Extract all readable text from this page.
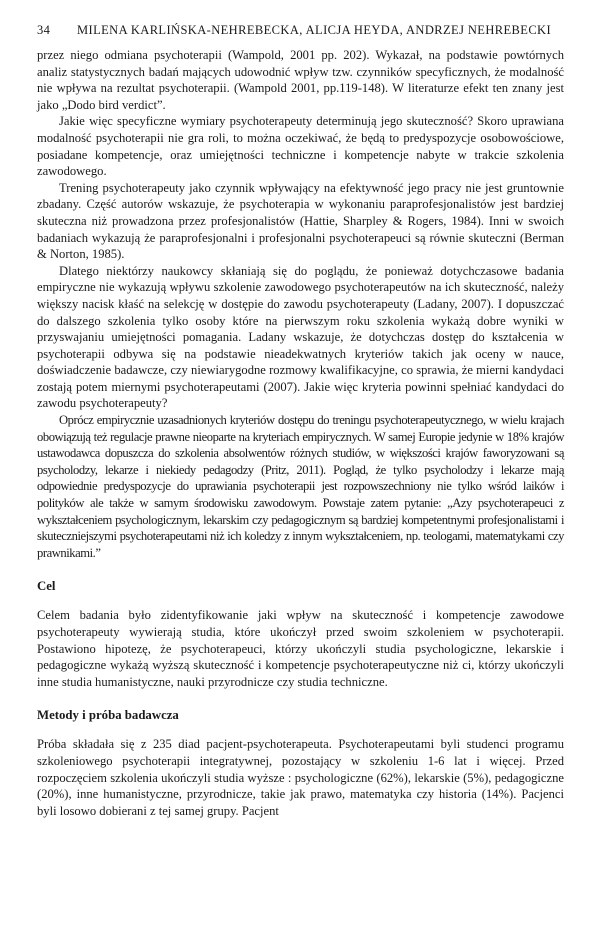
34	MILENA KARLIŃSKA-NEHREBECKA, ALICJA HEYDA, ANDRZEJ NEHREBECKI

przez niego odmiana psychoterapii (Wampold, 2001 pp. 202). Wykazał, na podstawie powtórnych analiz statystycznych badań mających udowodnić wpływ tzw. czynników specyficznych, że modalność nie wpływa na rezultat psychoterapii. (Wampold 2001, pp.119-148). W literaturze efekt ten znany jest jako „Dodo bird verdict”.

Jakie więc specyficzne wymiary psychoterapeuty determinują jego skuteczność? Skoro uprawiana modalność psychoterapii nie gra roli, to można oczekiwać, że będą to predyspozycje osobowościowe, posiadane kompetencje, oraz umiejętności techniczne i kompetencje nabyte w trakcie szkolenia zawodowego.

Trening psychoterapeuty jako czynnik wpływający na efektywność jego pracy nie jest gruntownie zbadany. Część autorów wskazuje, że psychoterapia w wykonaniu paraprofesjonalistów jest bardziej skuteczna niż prowadzona przez profesjonalistów (Hattie, Sharpley & Rogers, 1984). Inni w swoich badaniach wykazują że paraprofesjonalni i profesjonalni psychoterapeuci są równie skuteczni (Berman & Norton, 1985).

Dlatego niektórzy naukowcy skłaniają się do poglądu, że ponieważ dotychczasowe badania empiryczne nie wykazują wpływu szkolenie zawodowego psychoterapeutów na ich skuteczność, należy większy nacisk kłaść na selekcję w dostępie do zawodu psychoterapeuty (Ladany, 2007). I dopuszczać do dalszego szkolenia tylko osoby które na pierwszym roku szkolenia wykażą dobre wyniki w przyswajaniu umiejętności pomagania. Ladany wskazuje, że dotychczas dostęp do kształcenia w psychoterapii odbywa się na podstawie nieadekwatnych kryteriów takich jak oceny w nauce, doświadczenie badawcze, czy niewiarygodne rozmowy kwalifikacyjne, co sprawia, że mierni kandydaci zostają potem miernymi psychoterapeutami (2007). Jakie więc kryteria powinni spełniać kandydaci do zawodu psychoterapeuty?

Oprócz empirycznie uzasadnionych kryteriów dostępu do treningu psychoterapeutycznego, w wielu krajach obowiązują też regulacje prawne nieoparte na kryteriach empirycznych. W samej Europie jedynie w 18% krajów ustawodawca dopuszcza do szkolenia absolwentów różnych studiów, w większości krajów faworyzowani są psycholodzy, lekarze i niekiedy pedagodzy (Pritz, 2011). Pogląd, że tylko psycholodzy i lekarze mają odpowiednie predyspozycje do uprawiania psychoterapii jest rozpowszechniony nie tylko wśród laików i polityków ale także w samym środowisku zawodowym. Powstaje zatem pytanie: „Azy psychoterapeuci z wykształceniem psychologicznym, lekarskim czy pedagogicznym są bardziej kompetentnymi profesjonalistami i skuteczniejszymi psychoterapeutami niż ich koledzy z innym wykształceniem, np. teologami, matematykami czy prawnikami.”

Cel

Celem badania było zidentyfikowanie jaki wpływ na skuteczność i kompetencje zawodowe psychoterapeuty wywierają studia, które ukończył przed swoim szkoleniem w psychoterapii. Postawiono hipotezę, że psychoterapeuci, którzy ukończyli studia psychologiczne, lekarskie i pedagogiczne wykażą wyższą skuteczność i kompetencje psychoterapeutyczne niż ci, którzy ukończyli inne studia humanistyczne, nauki przyrodnicze czy studia techniczne.

Metody i próba badawcza

Próba składała się z 235 diad pacjent-psychoterapeuta. Psychoterapeutami byli studenci programu szkoleniowego psychoterapii integratywnej, pozostający w szkoleniu 1-6 lat i więcej. Przed rozpoczęciem szkolenia ukończyli studia wyższe : psychologiczne (62%), lekarskie (5%), pedagogiczne (20%), inne humanistyczne, przyrodnicze, takie jak prawo, matematyka czy historia (14%). Pacjenci byli losowo dobierani z tej samej grupy. Pacjent
